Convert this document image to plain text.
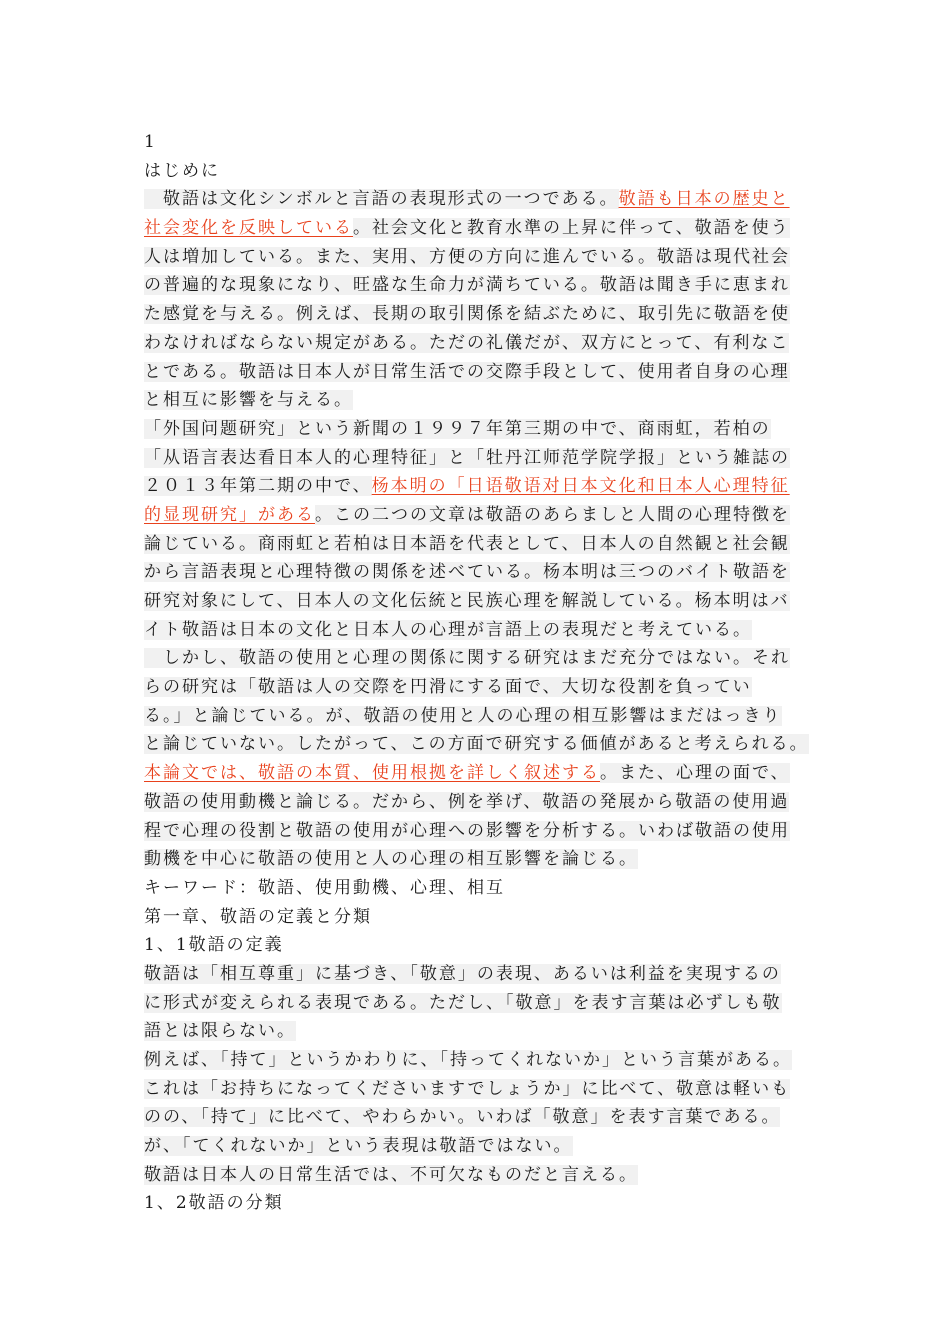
1
はじめに
　敬語は文化シンボルと言語の表現形式の一つである。敬語も日本の歴史と
社会変化を反映している。社会文化と教育水準の上昇に伴って、敬語を使う
人は増加している。また、実用、方便の方向に進んでいる。敬語は現代社会
の普遍的な現象になり、旺盛な生命力が満ちている。敬語は聞き手に恵まれ
た感覚を与える。例えば、長期の取引関係を結ぶために、取引先に敬語を使
わなければならない規定がある。ただの礼儀だが、双方にとって、有利なこ
とである。敬語は日本人が日常生活での交際手段として、使用者自身の心理
と相互に影響を与える。
「外国问题研究」という新聞の１９９７年第三期の中で、商雨虹，若柏の
「从语言表达看日本人的心理特征」と「牡丹江师范学院学报」という雑誌の
２０１３年第二期の中で、杨本明の「日语敬语对日本文化和日本人心理特征
的显现研究」がある。この二つの文章は敬語のあらましと人間の心理特徴を
論じている。商雨虹と若柏は日本語を代表として、日本人の自然観と社会観
から言語表現と心理特徴の関係を述べている。杨本明は三つのバイト敬語を
研究対象にして、日本人の文化伝統と民族心理を解説している。杨本明はバ
イト敬語は日本の文化と日本人の心理が言語上の表現だと考えている。
　しかし、敬語の使用と心理の関係に関する研究はまだ充分ではない。それ
らの研究は「敬語は人の交際を円滑にする面で、大切な役割を負ってい
る。」と論じている。が、敬語の使用と人の心理の相互影響はまだはっきり
と論じていない。したがって、この方面で研究する価値があると考えられる。
本論文では、敬語の本質、使用根拠を詳しく叙述する。また、心理の面で、
敬語の使用動機と論じる。だから、例を挙げ、敬語の発展から敬語の使用過
程で心理の役割と敬語の使用が心理への影響を分析する。いわば敬語の使用
動機を中心に敬語の使用と人の心理の相互影響を論じる。
キーワード：敬語、使用動機、心理、相互
第一章、敬語の定義と分類
1、1敬語の定義
敬語は「相互尊重」に基づき、「敬意」の表現、あるいは利益を実現するの
に形式が変えられる表現である。ただし、「敬意」を表す言葉は必ずしも敬
語とは限らない。
例えば、「持て」というかわりに、「持ってくれないか」という言葉がある。
これは「お持ちになってくださいますでしょうか」に比べて、敬意は軽いも
のの、「持て」に比べて、やわらかい。いわば「敬意」を表す言葉である。
が、「てくれないか」という表現は敬語ではない。
敬語は日本人の日常生活では、不可欠なものだと言える。
1、2敬語の分類
